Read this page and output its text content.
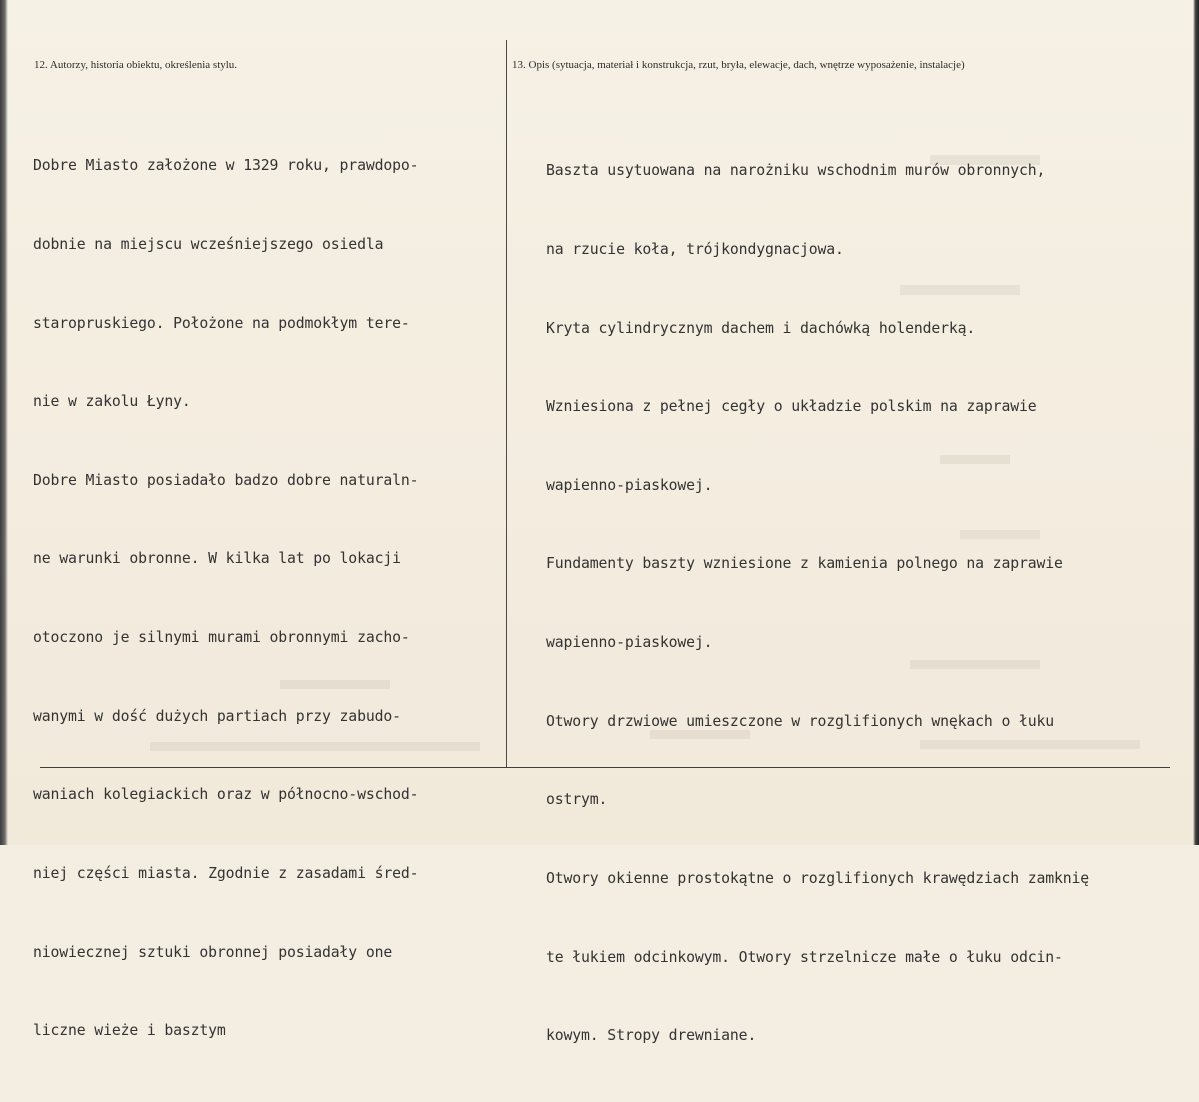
12. Autorzy, historia obiektu, określenia stylu.	13. Opis (sytuacja, materiał i konstrukcja, rzut, bryła, elewacje, dach, wnętrze wyposażenie, instalacje)

Dobre Miasto założone w 1329 roku, prawdopo-

dobnie na miejscu wcześniejszego osiedla

staropruskiego. Położone na podmokłym tere-

nie w zakolu Łyny.

Dobre Miasto posiadało badzo dobre naturaln-

ne warunki obronne. W kilka lat po lokacji

otoczono je silnymi murami obronnymi zacho-

wanymi w dość dużych partiach przy zabudo-

waniach kolegiackich oraz w północno-wschod-

niej części miasta. Zgodnie z zasadami śred-

niowiecznej sztuki obronnej posiadały one

liczne wieże i basztym

Baszta usytuowana na narożniku wschodnim murów obronnych,

na rzucie koła, trójkondygnacjowa.

Kryta cylindrycznym dachem i dachówką holenderką.

Wzniesiona z pełnej cegły o układzie polskim na zaprawie

wapienno-piaskowej.

Fundamenty baszty wzniesione z kamienia polnego na zaprawie

wapienno-piaskowej.

Otwory drzwiowe umieszczone w rozglifionych wnękach o łuku

ostrym.

Otwory okienne prostokątne o rozglifionych krawędziach zamknię

te łukiem odcinkowym. Otwory strzelnicze małe o łuku odcin-

kowym. Stropy drewniane.
